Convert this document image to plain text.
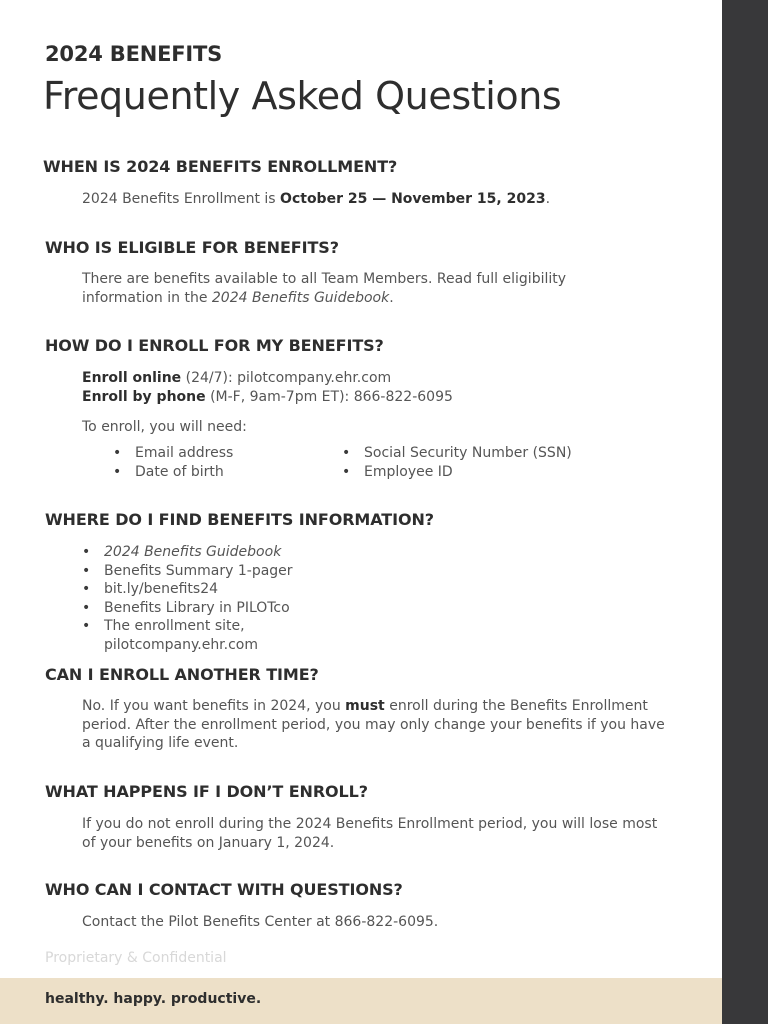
2024 BENEFITS
Frequently Asked Questions
WHEN IS 2024 BENEFITS ENROLLMENT?

2024 Benefits Enrollment is October 25 — November 15, 2023.

WHO IS ELIGIBLE FOR BENEFITS?

There are benefits available to all Team Members. Read full eligibility information in the 2024 Benefits Guidebook.

HOW DO I ENROLL FOR MY BENEFITS?

Enroll online (24/7): pilotcompany.ehr.com

Enroll by phone (M-F, 9am-7pm ET): 866-822-6095

To enroll, you will need:

• Email address
• Date of birth
• Social Security Number (SSN)
• Employee ID
WHERE DO I FIND BENEFITS INFORMATION?
• 2024 Benefits Guidebook
• Benefits Summary 1-pager
• bit.ly/benefits24
• Benefits Library in PILOTco
• The enrollment site,
pilotcompany.ehr.com
CAN I ENROLL ANOTHER TIME?

No. If you want benefits in 2024, you must enroll during the Benefits Enrollment period. After the enrollment period, you may only change your benefits if you have a qualifying life event.

WHAT HAPPENS IF I DON’T ENROLL?

If you do not enroll during the 2024 Benefits Enrollment period, you will lose most of your benefits on January 1, 2024.

WHO CAN I CONTACT WITH QUESTIONS?

Contact the Pilot Benefits Center at 866-822-6095.

Proprietary & Confidential

healthy. happy. productive.
